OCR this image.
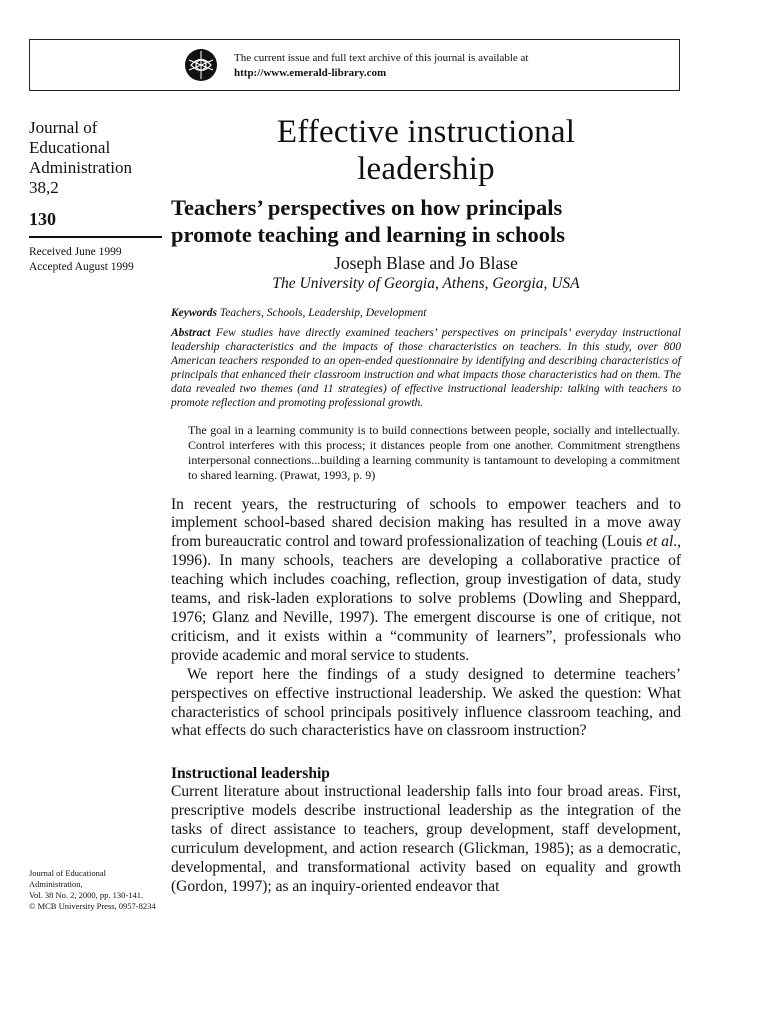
The current issue and full text archive of this journal is available at
http://www.emerald-library.com
Journal of
Educational
Administration
38,2
130
Received June 1999
Accepted August 1999
Journal of Educational
Administration,
Vol. 38 No. 2, 2000, pp. 130-141.
© MCB University Press, 0957-8234
Effective instructional
leadership
Teachers’ perspectives on how principals
promote teaching and learning in schools
Joseph Blase and Jo Blase
The University of Georgia, Athens, Georgia, USA
Keywords Teachers, Schools, Leadership, Development
Abstract Few studies have directly examined teachers’ perspectives on principals’ everyday instructional leadership characteristics and the impacts of those characteristics on teachers. In this study, over 800 American teachers responded to an open-ended questionnaire by identifying and describing characteristics of principals that enhanced their classroom instruction and what impacts those characteristics had on them. The data revealed two themes (and 11 strategies) of effective instructional leadership: talking with teachers to promote reflection and promoting professional growth.
The goal in a learning community is to build connections between people, socially and intellectually. Control interferes with this process; it distances people from one another. Commitment strengthens interpersonal connections...building a learning community is tantamount to developing a commitment to shared learning. (Prawat, 1993, p. 9)

In recent years, the restructuring of schools to empower teachers and to implement school-based shared decision making has resulted in a move away from bureaucratic control and toward professionalization of teaching (Louis et al., 1996). In many schools, teachers are developing a collaborative practice of teaching which includes coaching, reflection, group investigation of data, study teams, and risk-laden explorations to solve problems (Dowling and Sheppard, 1976; Glanz and Neville, 1997). The emergent discourse is one of critique, not criticism, and it exists within a “community of learners”, professionals who provide academic and moral service to students.

We report here the findings of a study designed to determine teachers’ perspectives on effective instructional leadership. We asked the question: What characteristics of school principals positively influence classroom teaching, and what effects do such characteristics have on classroom instruction?

Instructional leadership

Current literature about instructional leadership falls into four broad areas. First, prescriptive models describe instructional leadership as the integration of the tasks of direct assistance to teachers, group development, staff development, curriculum development, and action research (Glickman, 1985); as a democratic, developmental, and transformational activity based on equality and growth (Gordon, 1997); as an inquiry-oriented endeavor that
